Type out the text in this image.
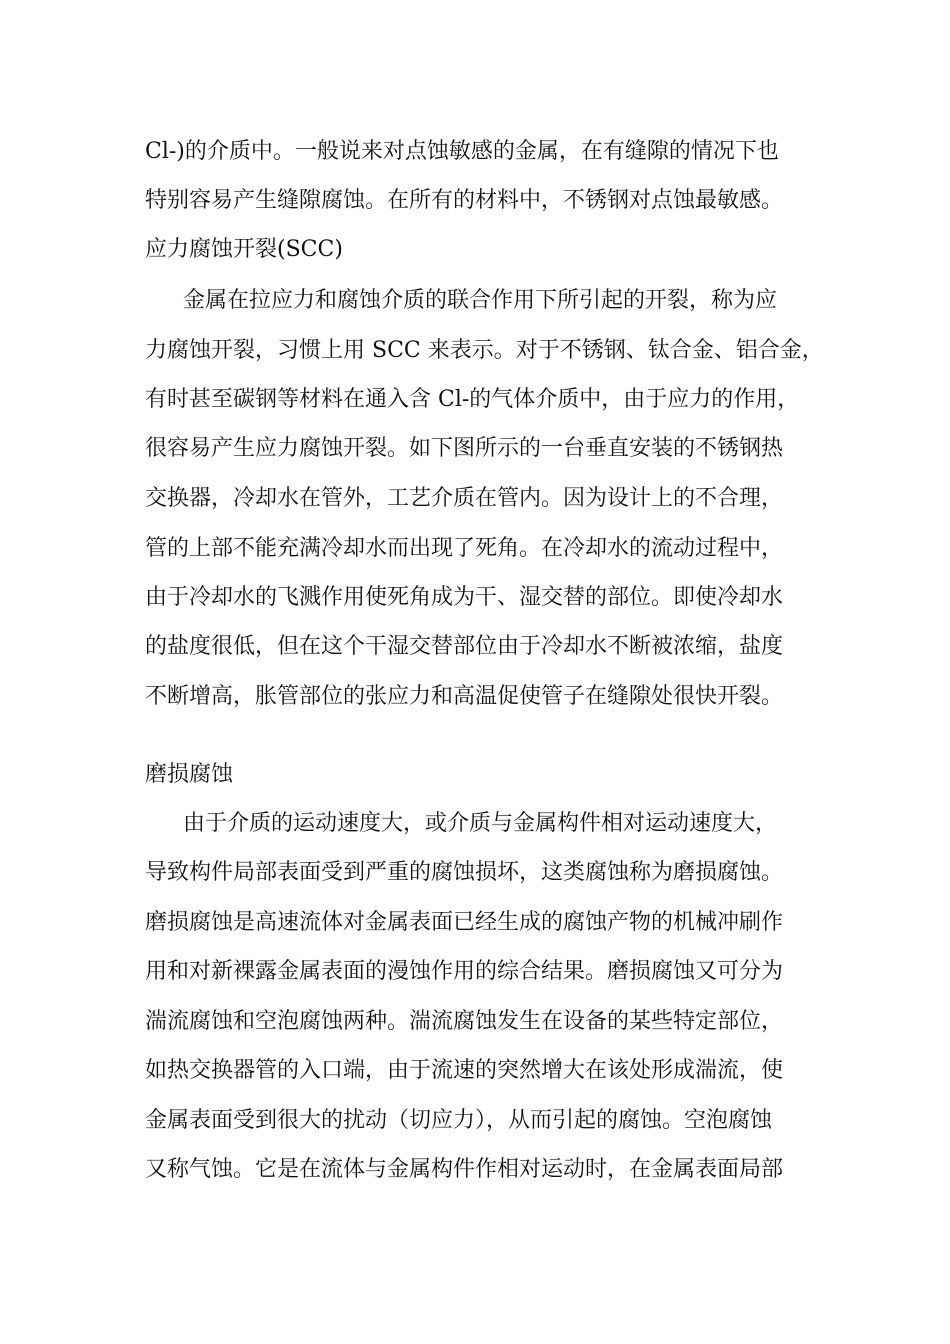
Cl-)的介质中。一般说来对点蚀敏感的金属，在有缝隙的情况下也
特别容易产生缝隙腐蚀。在所有的材料中，不锈钢对点蚀最敏感。
应力腐蚀开裂(SCC)
金属在拉应力和腐蚀介质的联合作用下所引起的开裂，称为应
力腐蚀开裂，习惯上用 SCC 来表示。对于不锈钢、钛合金、铝合金，
有时甚至碳钢等材料在通入含 Cl-的气体介质中，由于应力的作用，
很容易产生应力腐蚀开裂。如下图所示的一台垂直安装的不锈钢热
交换器，冷却水在管外，工艺介质在管内。因为设计上的不合理，
管的上部不能充满冷却水而出现了死角。在冷却水的流动过程中，
由于冷却水的飞溅作用使死角成为干、湿交替的部位。即使冷却水
的盐度很低，但在这个干湿交替部位由于冷却水不断被浓缩，盐度
不断增高，胀管部位的张应力和高温促使管子在缝隙处很快开裂。
磨损腐蚀
由于介质的运动速度大，或介质与金属构件相对运动速度大，
导致构件局部表面受到严重的腐蚀损坏，这类腐蚀称为磨损腐蚀。
磨损腐蚀是高速流体对金属表面已经生成的腐蚀产物的机械冲刷作
用和对新裸露金属表面的漫蚀作用的综合结果。磨损腐蚀又可分为
湍流腐蚀和空泡腐蚀两种。湍流腐蚀发生在设备的某些特定部位，
如热交换器管的入口端，由于流速的突然增大在该处形成湍流，使
金属表面受到很大的扰动（切应力），从而引起的腐蚀。空泡腐蚀
又称气蚀。它是在流体与金属构件作相对运动时，在金属表面局部
